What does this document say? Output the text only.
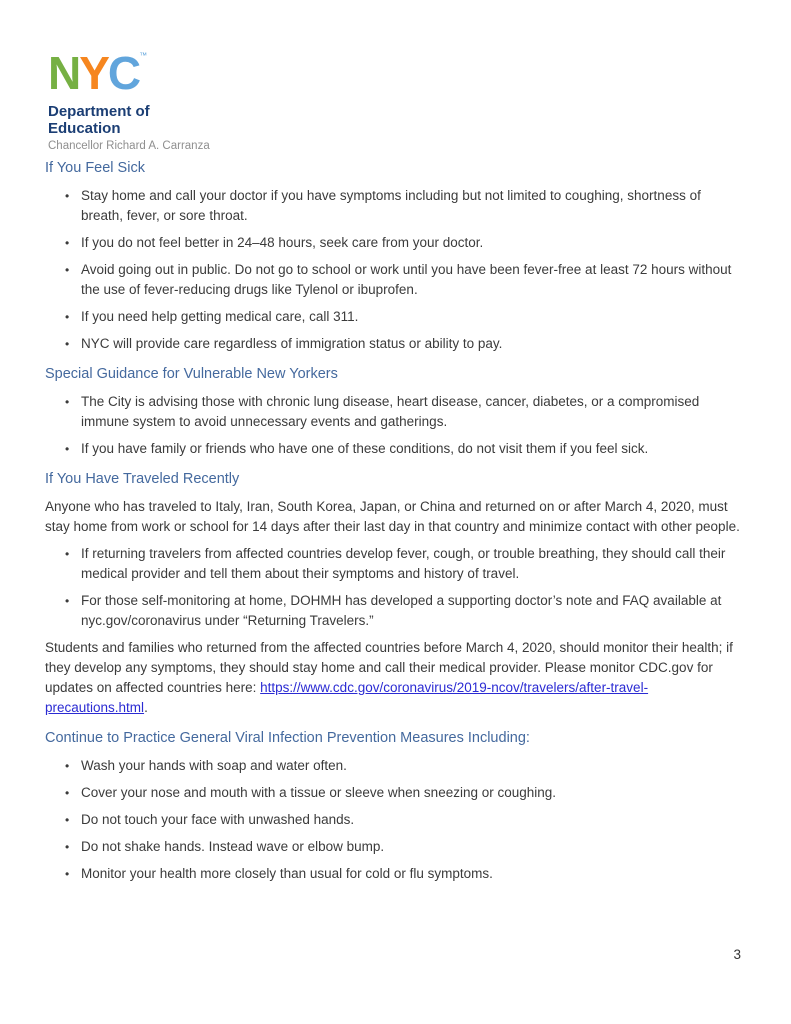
NYC™
Department of
Education
Chancellor Richard A. Carranza
If You Feel Sick
• Stay home and call your doctor if you have symptoms including but not limited to coughing, shortness of breath, fever, or sore throat.
• If you do not feel better in 24–48 hours, seek care from your doctor.
• Avoid going out in public. Do not go to school or work until you have been fever-free at least 72 hours without the use of fever-reducing drugs like Tylenol or ibuprofen.
• If you need help getting medical care, call 311.
• NYC will provide care regardless of immigration status or ability to pay.
Special Guidance for Vulnerable New Yorkers
• The City is advising those with chronic lung disease, heart disease, cancer, diabetes, or a compromised immune system to avoid unnecessary events and gatherings.
• If you have family or friends who have one of these conditions, do not visit them if you feel sick.
If You Have Traveled Recently

Anyone who has traveled to Italy, Iran, South Korea, Japan, or China and returned on or after March 4, 2020, must stay home from work or school for 14 days after their last day in that country and minimize contact with other people.

• If returning travelers from affected countries develop fever, cough, or trouble breathing, they should call their medical provider and tell them about their symptoms and history of travel.
• For those self-monitoring at home, DOHMH has developed a supporting doctor’s note and FAQ available at nyc.gov/coronavirus under “Returning Travelers.”

Students and families who returned from the affected countries before March 4, 2020, should monitor their health; if they develop any symptoms, they should stay home and call their medical provider. Please monitor CDC.gov for updates on affected countries here: https://www.cdc.gov/coronavirus/2019-ncov/travelers/after-travel-precautions.html.

Continue to Practice General Viral Infection Prevention Measures Including:
• Wash your hands with soap and water often.
• Cover your nose and mouth with a tissue or sleeve when sneezing or coughing.
• Do not touch your face with unwashed hands.
• Do not shake hands. Instead wave or elbow bump.
• Monitor your health more closely than usual for cold or flu symptoms.
3
